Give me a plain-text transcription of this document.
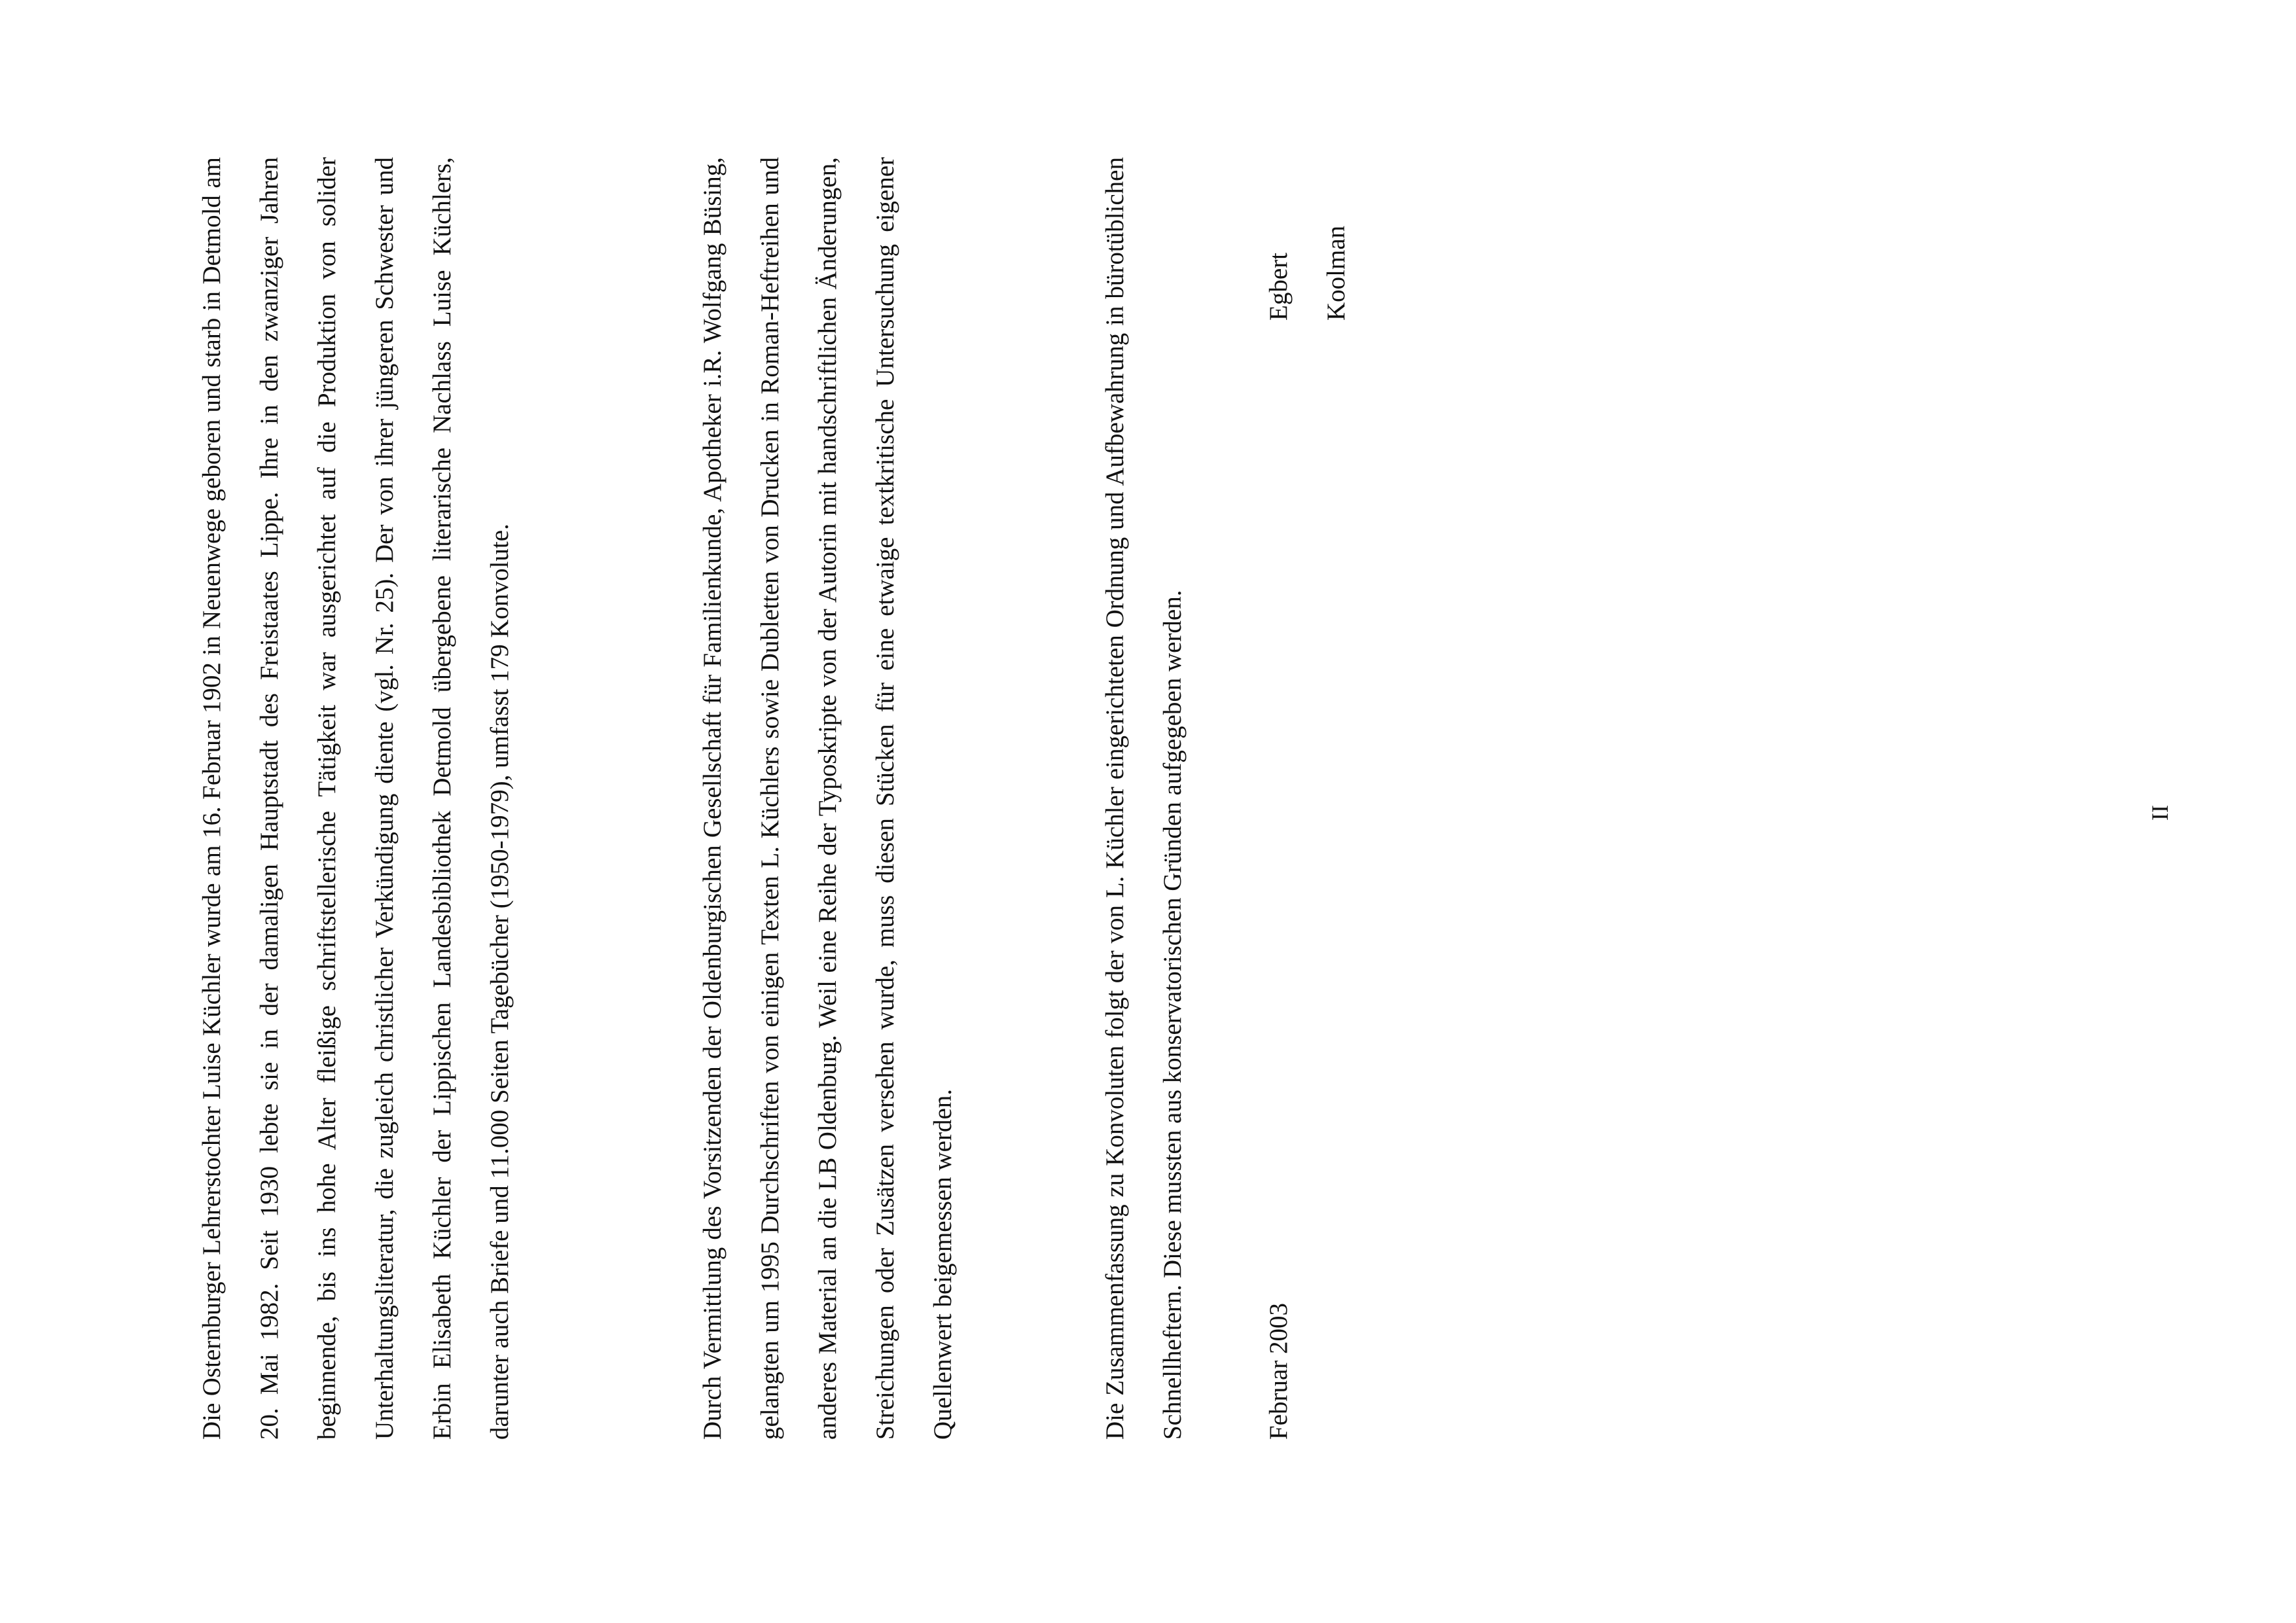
Die Osternburger Lehrerstochter Luise Küchler wurde am 16. Februar 1902 in Neuenwege geboren und starb in Detmold am 20. Mai 1982. Seit 1930 lebte sie in der damaligen Hauptstadt des Freistaates Lippe. Ihre in den zwanziger Jahren beginnende, bis ins hohe Alter fleißige schriftstellerische Tätigkeit war ausgerichtet auf die Produktion von solider Unterhaltungsliteratur, die zugleich christlicher Verkündigung diente (vgl. Nr. 25). Der von ihrer jüngeren Schwester und Erbin Elisabeth Küchler der Lippischen Landesbibliothek Detmold übergebene literarische Nachlass Luise Küchlers, darunter auch Briefe und 11.000 Seiten Tagebücher (1950-1979), umfasst 179 Konvolute.	Durch Vermittlung des Vorsitzenden der Oldenburgischen Gesellschaft für Familienkunde, Apotheker i.R. Wolfgang Büsing, gelangten um 1995 Durchschriften von einigen Texten L. Küchlers sowie Dubletten von Drucken in Roman-Heftreihen und anderes Material an die LB Oldenburg. Weil eine Reihe der Typoskripte von der Autorin mit handschriftlichen Änderungen, Streichungen oder Zusätzen versehen wurde, muss diesen Stücken für eine etwaige textkritische Untersuchung eigener Quellenwert beigemessen werden.	Die Zusammenfassung zu Konvoluten folgt der von L. Küchler eingerichteten Ordnung und Aufbewahrung in bürotüblichen Schnellheftern. Diese mussten aus konservatorischen Gründen aufgegeben werden.	Februar 2003
Egbert Koolman
II
